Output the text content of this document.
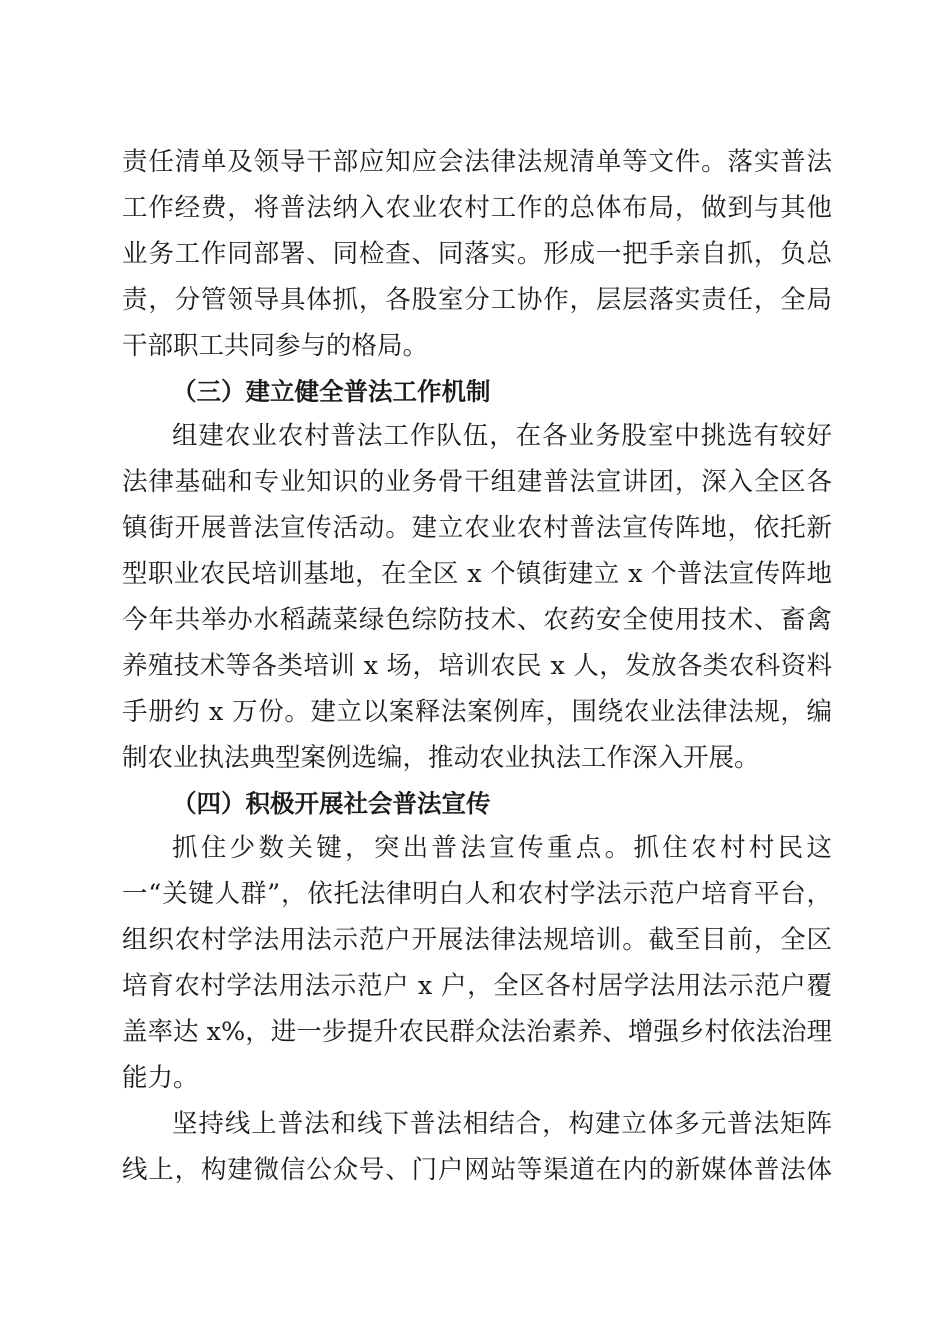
责任清单及领导干部应知应会法律法规清单等文件。落实普法
工作经费，将普法纳入农业农村工作的总体布局，做到与其他
业务工作同部署、同检查、同落实。形成一把手亲自抓，负总
责，分管领导具体抓，各股室分工协作，层层落实责任，全局
干部职工共同参与的格局。
（三）建立健全普法工作机制
组建农业农村普法工作队伍，在各业务股室中挑选有较好
法律基础和专业知识的业务骨干组建普法宣讲团，深入全区各
镇街开展普法宣传活动。建立农业农村普法宣传阵地，依托新
型职业农民培训基地，在全区 x 个镇街建立 x 个普法宣传阵地
今年共举办水稻蔬菜绿色综防技术、农药安全使用技术、畜禽
养殖技术等各类培训 x 场，培训农民 x 人，发放各类农科资料
手册约 x 万份。建立以案释法案例库，围绕农业法律法规，编
制农业执法典型案例选编，推动农业执法工作深入开展。
（四）积极开展社会普法宣传
抓住少数关键，突出普法宣传重点。抓住农村村民这
一“关键人群”，依托法律明白人和农村学法示范户培育平台，
组织农村学法用法示范户开展法律法规培训。截至目前，全区
培育农村学法用法示范户 x 户，全区各村居学法用法示范户覆
盖率达 x%，进一步提升农民群众法治素养、增强乡村依法治理
能力。
坚持线上普法和线下普法相结合，构建立体多元普法矩阵
线上，构建微信公众号、门户网站等渠道在内的新媒体普法体
